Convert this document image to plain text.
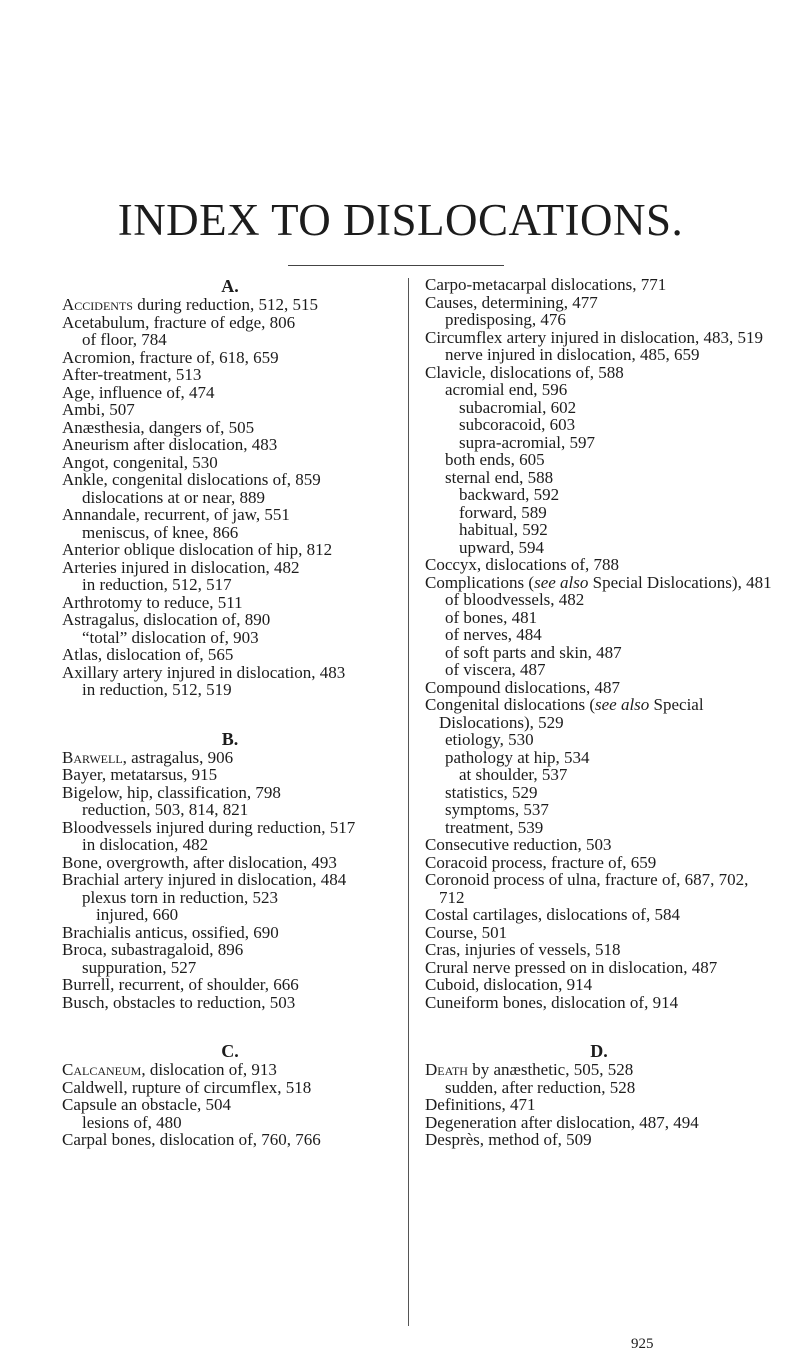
INDEX TO DISLOCATIONS.
A.
Accidents during reduction, 512, 515
Acetabulum, fracture of edge, 806
of floor, 784
Acromion, fracture of, 618, 659
After-treatment, 513
Age, influence of, 474
Ambi, 507
Anæsthesia, dangers of, 505
Aneurism after dislocation, 483
Angot, congenital, 530
Ankle, congenital dislocations of, 859
dislocations at or near, 889
Annandale, recurrent, of jaw, 551
meniscus, of knee, 866
Anterior oblique dislocation of hip, 812
Arteries injured in dislocation, 482
in reduction, 512, 517
Arthrotomy to reduce, 511
Astragalus, dislocation of, 890
“total” dislocation of, 903
Atlas, dislocation of, 565
Axillary artery injured in dislocation, 483
in reduction, 512, 519
B.
Barwell, astragalus, 906
Bayer, metatarsus, 915
Bigelow, hip, classification, 798
reduction, 503, 814, 821
Bloodvessels injured during reduction, 517
in dislocation, 482
Bone, overgrowth, after dislocation, 493
Brachial artery injured in dislocation, 484
plexus torn in reduction, 523
injured, 660
Brachialis anticus, ossified, 690
Broca, subastragaloid, 896
suppuration, 527
Burrell, recurrent, of shoulder, 666
Busch, obstacles to reduction, 503
C.
Calcaneum, dislocation of, 913
Caldwell, rupture of circumflex, 518
Capsule an obstacle, 504
lesions of, 480
Carpal bones, dislocation of, 760, 766
Carpo-metacarpal dislocations, 771
Causes, determining, 477
predisposing, 476
Circumflex artery injured in dislocation, 483, 519
nerve injured in dislocation, 485, 659
Clavicle, dislocations of, 588
acromial end, 596
subacromial, 602
subcoracoid, 603
supra-acromial, 597
both ends, 605
sternal end, 588
backward, 592
forward, 589
habitual, 592
upward, 594
Coccyx, dislocations of, 788
Complications (see also Special Dislocations), 481
of bloodvessels, 482
of bones, 481
of nerves, 484
of soft parts and skin, 487
of viscera, 487
Compound dislocations, 487
Congenital dislocations (see also Special Dislocations), 529
etiology, 530
pathology at hip, 534
at shoulder, 537
statistics, 529
symptoms, 537
treatment, 539
Consecutive reduction, 503
Coracoid process, fracture of, 659
Coronoid process of ulna, fracture of, 687, 702, 712
Costal cartilages, dislocations of, 584
Course, 501
Cras, injuries of vessels, 518
Crural nerve pressed on in dislocation, 487
Cuboid, dislocation, 914
Cuneiform bones, dislocation of, 914
D.
Death by anæsthetic, 505, 528
sudden, after reduction, 528
Definitions, 471
Degeneration after dislocation, 487, 494
Desprès, method of, 509
925
